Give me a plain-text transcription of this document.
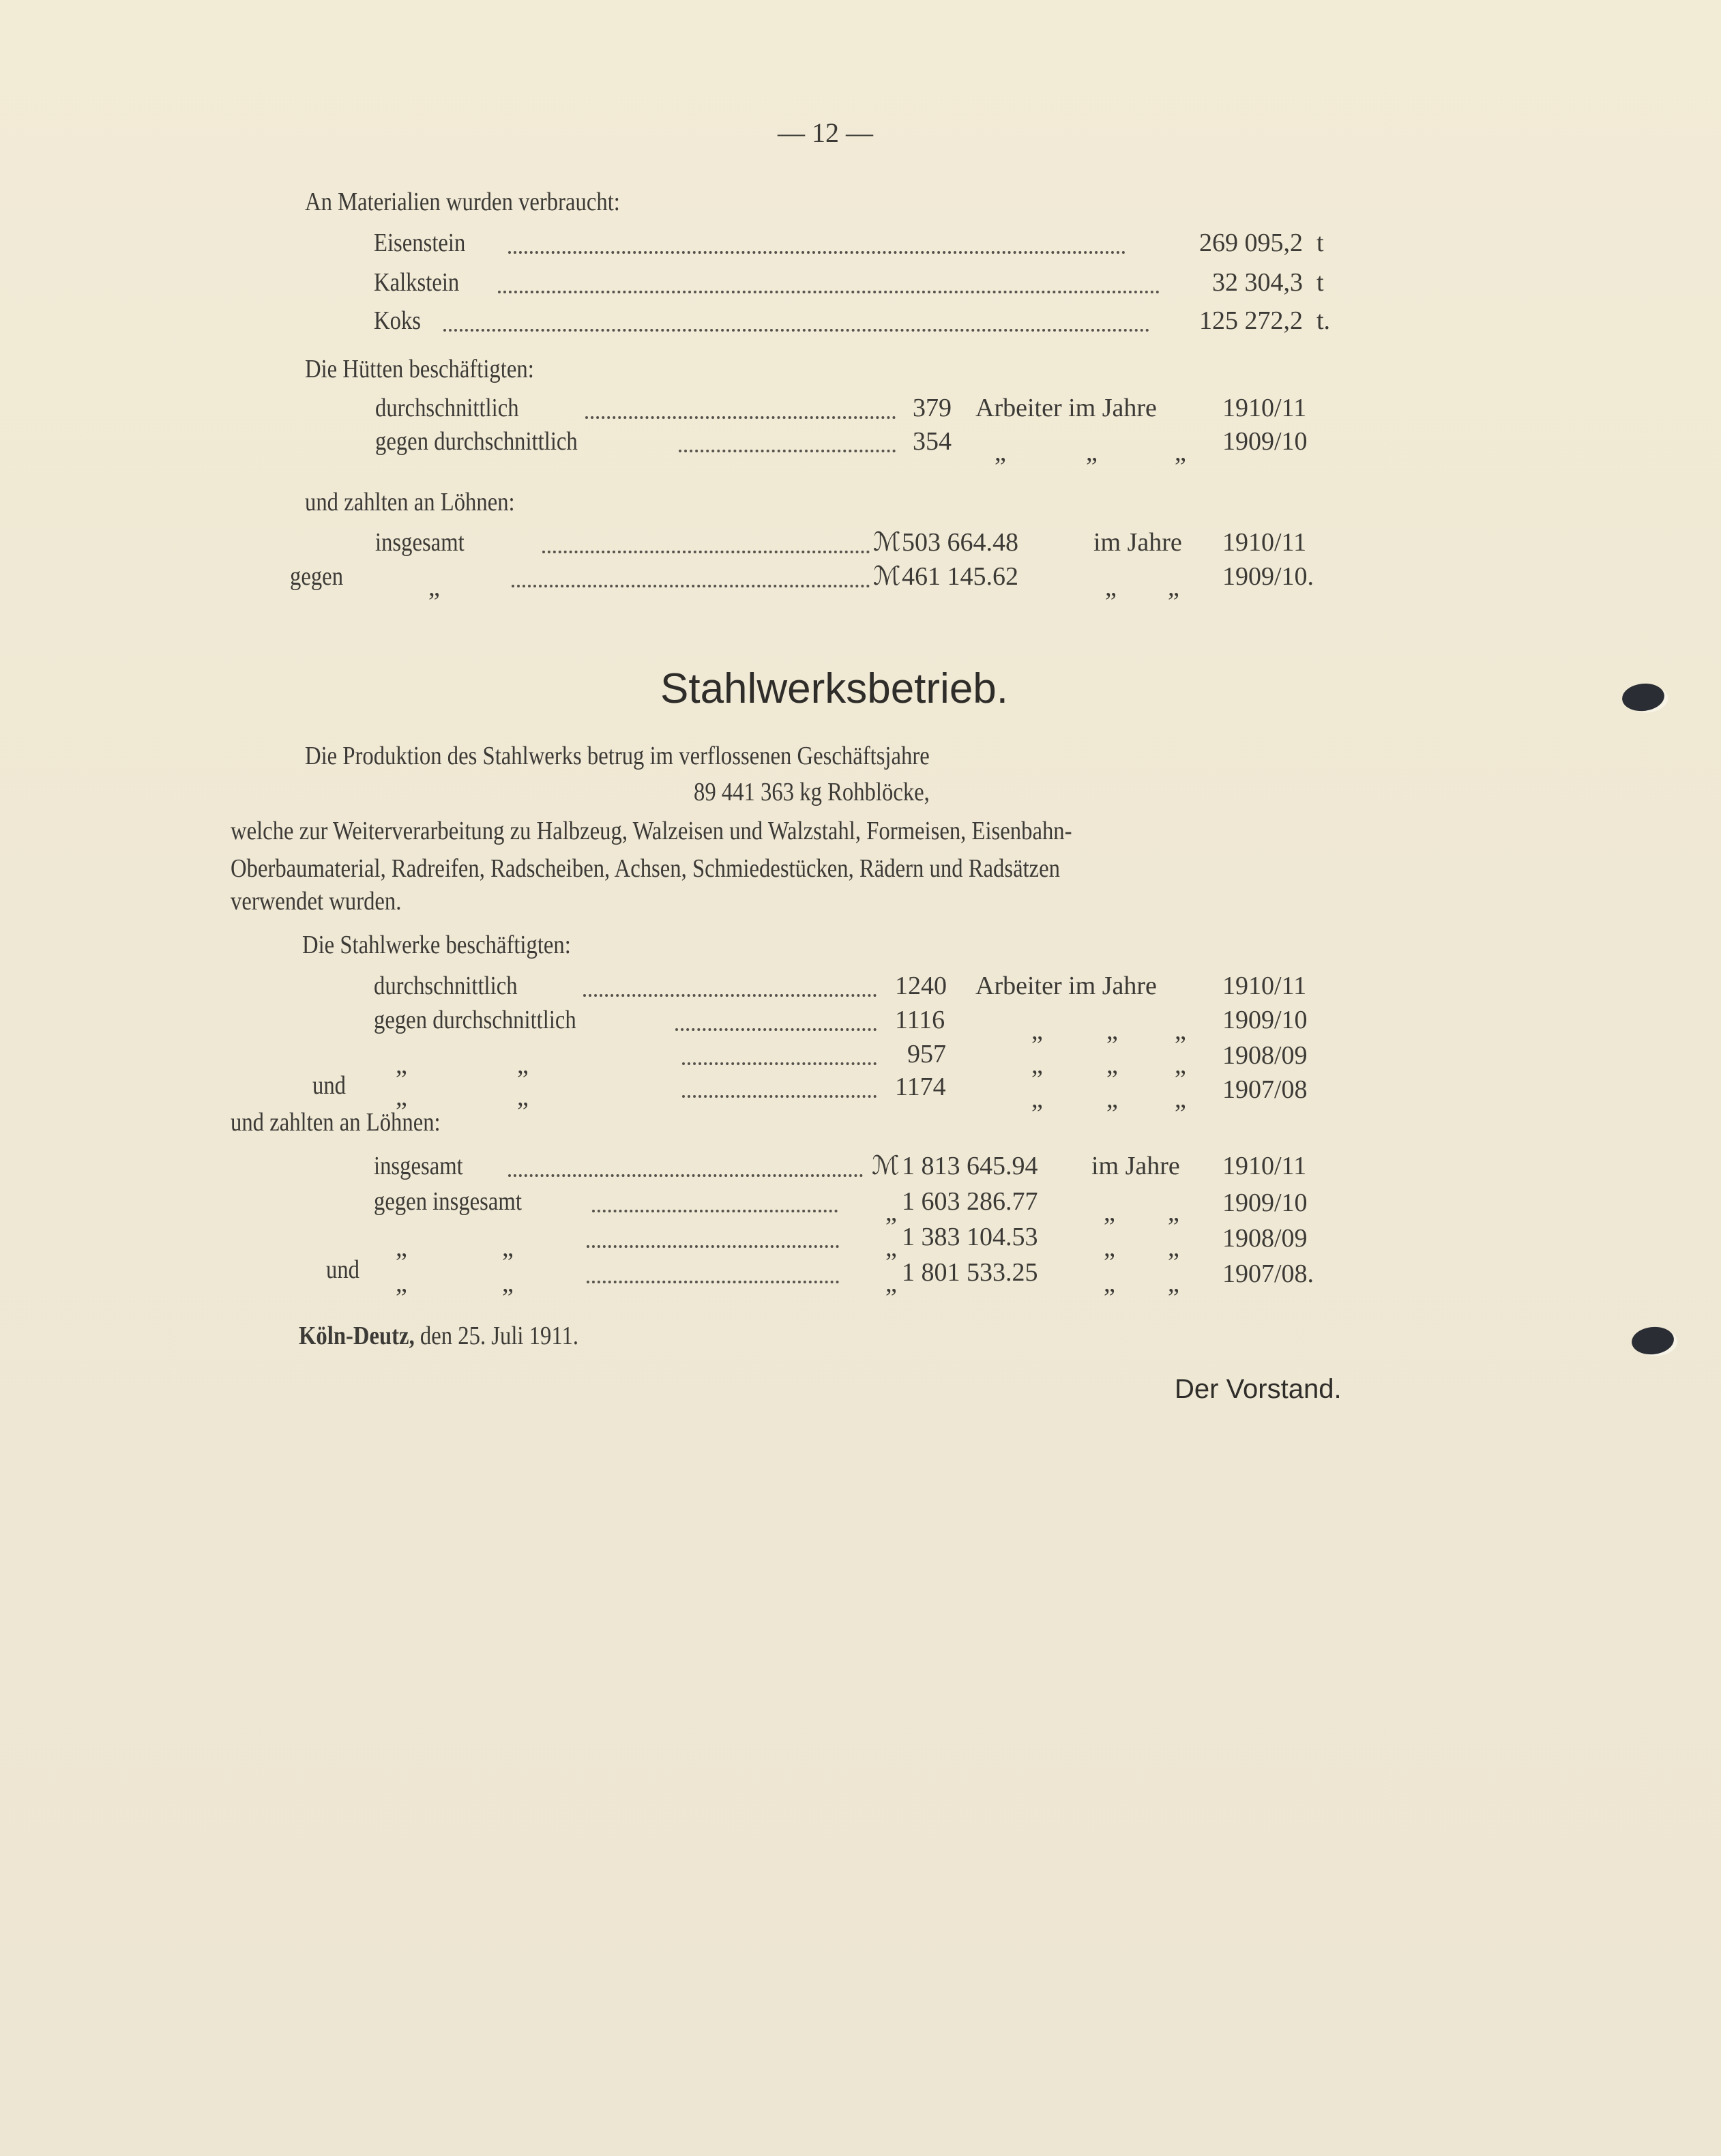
— 12 —
An Materialien wurden verbraucht:
Eisenstein	269 095,2 t
Kalkstein	32 304,3 t
Koks	125 272,2 t.
Die Hütten beschäftigten:
durchschnittlich	379 Arbeiter im Jahre	1910/11
gegen durchschnittlich	354 „	„	„ 1909/10
und zahlten an Löhnen:
insgesamt	ℳ 503 664.48	im Jahre 1910/11
gegen	„	ℳ 461 145.62	„ „ 1909/10.
Stahlwerksbetrieb.
Die Produktion des Stahlwerks betrug im verflossenen Geschäftsjahre
89 441 363 kg Rohblöcke,
welche zur Weiterverarbeitung zu Halbzeug, Walzeisen und Walzstahl, Formeisen, Eisenbahn-
Oberbaumaterial, Radreifen, Radscheiben, Achsen, Schmiedestücken, Rädern und Radsätzen
verwendet wurden.
Die Stahlwerke beschäftigten:
durchschnittlich	1240 Arbeiter im Jahre	1910/11
gegen durchschnittlich	1116	„ „ „ 1909/10
„	„	957	„ „ „ 1908/09
und „	„	1174	„ „ „ 1907/08
und zahlten an Löhnen:
insgesamt	ℳ 1 813 645.94 im Jahre 1910/11
gegen insgesamt	„ 1 603 286.77	„ „ 1909/10
„	„	„ 1 383 104.53	„ „ 1908/09
und „	„	„ 1 801 533.25	„ „ 1907/08.
Köln-Deutz, den 25. Juli 1911.
Der Vorstand.
